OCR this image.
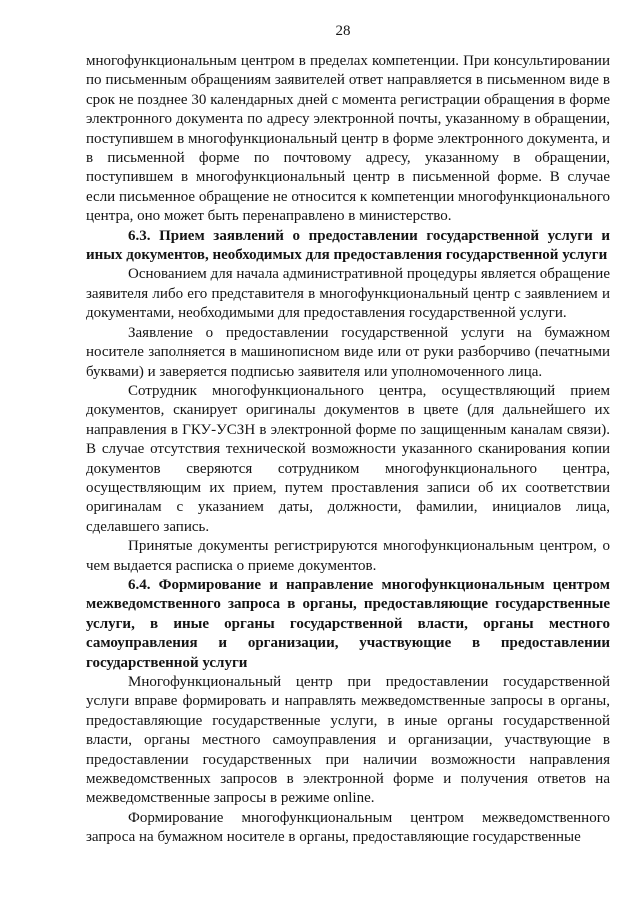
28

многофункциональным центром в пределах компетенции. При консультировании по письменным обращениям заявителей ответ направляется в письменном виде в срок не позднее 30 календарных дней с момента регистрации обращения в форме электронного документа по адресу электронной почты, указанному в обращении, поступившем в многофункциональный центр в форме электронного документа, и в письменной форме по почтовому адресу, указанному в обращении, поступившем в многофункциональный центр в письменной форме. В случае если письменное обращение не относится к компетенции многофункционального центра, оно может быть перенаправлено в министерство.

6.3. Прием заявлений о предоставлении государственной услуги и иных документов, необходимых для предоставления государственной услуги

Основанием для начала административной процедуры является обращение заявителя либо его представителя в многофункциональный центр с заявлением и документами, необходимыми для предоставления государственной услуги.

Заявление о предоставлении государственной услуги на бумажном носителе заполняется в машинописном виде или от руки разборчиво (печатными буквами) и заверяется подписью заявителя или уполномоченного лица.

Сотрудник многофункционального центра, осуществляющий прием документов, сканирует оригиналы документов в цвете (для дальнейшего их направления в ГКУ-УСЗН в электронной форме по защищенным каналам связи). В случае отсутствия технической возможности указанного сканирования копии документов сверяются сотрудником многофункционального центра, осуществляющим их прием, путем проставления записи об их соответствии оригиналам с указанием даты, должности, фамилии, инициалов лица, сделавшего запись.

Принятые документы регистрируются многофункциональным центром, о чем выдается расписка о приеме документов.

6.4. Формирование и направление многофункциональным центром межведомственного запроса в органы, предоставляющие государственные услуги, в иные органы государственной власти, органы местного самоуправления и организации, участвующие в предоставлении государственной услуги

Многофункциональный центр при предоставлении государственной услуги вправе формировать и направлять межведомственные запросы в органы, предоставляющие государственные услуги, в иные органы государственной власти, органы местного самоуправления и организации, участвующие в предоставлении государственных при наличии возможности направления межведомственных запросов в электронной форме и получения ответов на межведомственные запросы в режиме online.

Формирование многофункциональным центром межведомственного запроса на бумажном носителе в органы, предоставляющие государственные
